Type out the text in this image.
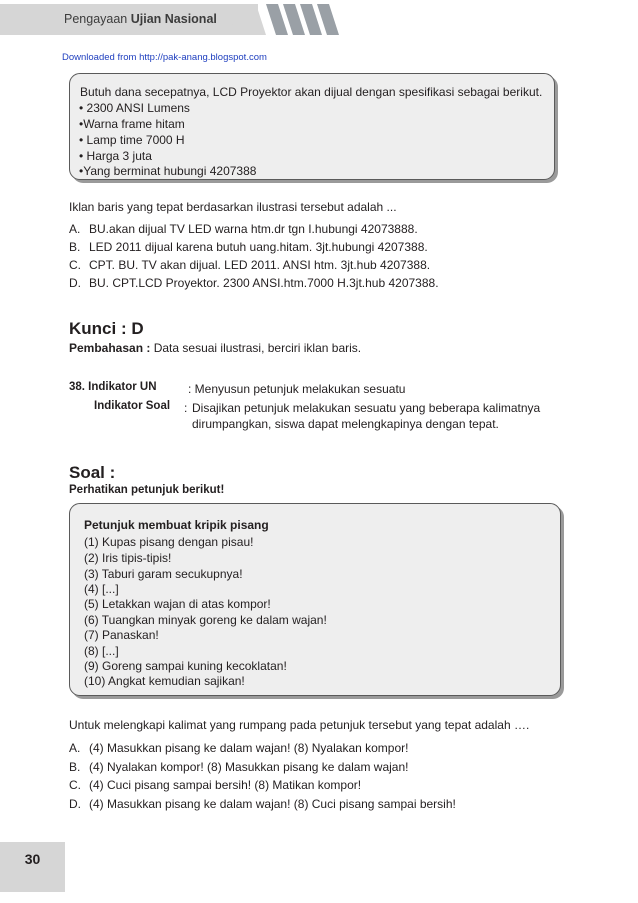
Pengayaan Ujian Nasional
Downloaded from http://pak-anang.blogspot.com
Butuh dana secepatnya, LCD Proyektor akan dijual dengan spesifikasi sebagai berikut.
• 2300 ANSI Lumens
•Warna frame hitam
• Lamp time 7000 H
• Harga 3 juta
•Yang berminat hubungi 4207388
Iklan baris yang tepat berdasarkan ilustrasi tersebut adalah ...
A. BU.akan dijual TV LED warna htm.dr tgn I.hubungi 42073888.
B. LED 2011 dijual karena butuh uang.hitam. 3jt.hubungi 4207388.
C. CPT. BU. TV akan dijual. LED 2011. ANSI htm. 3jt.hub 4207388.
D. BU. CPT.LCD Proyektor. 2300 ANSI.htm.7000 H.3jt.hub 4207388.
Kunci : D
Pembahasan : Data sesuai ilustrasi, berciri iklan baris.
38. Indikator UN	: Menyusun petunjuk melakukan sesuatu
Indikator Soal : Disajikan petunjuk melakukan sesuatu yang beberapa kalimatnya
dirumpangkan, siswa dapat melengkapinya dengan tepat.
Soal :
Perhatikan petunjuk berikut!
Petunjuk membuat kripik pisang
(1) Kupas pisang dengan pisau!
(2) Iris tipis-tipis!
(3) Taburi garam secukupnya!
(4) [...]
(5) Letakkan wajan di atas kompor!
(6) Tuangkan minyak goreng ke dalam wajan!
(7) Panaskan!
(8) [...]
(9) Goreng sampai kuning kecoklatan!
(10) Angkat kemudian sajikan!
Untuk melengkapi kalimat yang rumpang pada petunjuk tersebut yang tepat adalah ….
A. (4) Masukkan pisang ke dalam wajan! (8) Nyalakan kompor!
B. (4) Nyalakan kompor! (8) Masukkan pisang ke dalam wajan!
C. (4) Cuci pisang sampai bersih! (8) Matikan kompor!
D. (4) Masukkan pisang ke dalam wajan! (8) Cuci pisang sampai bersih!
30
